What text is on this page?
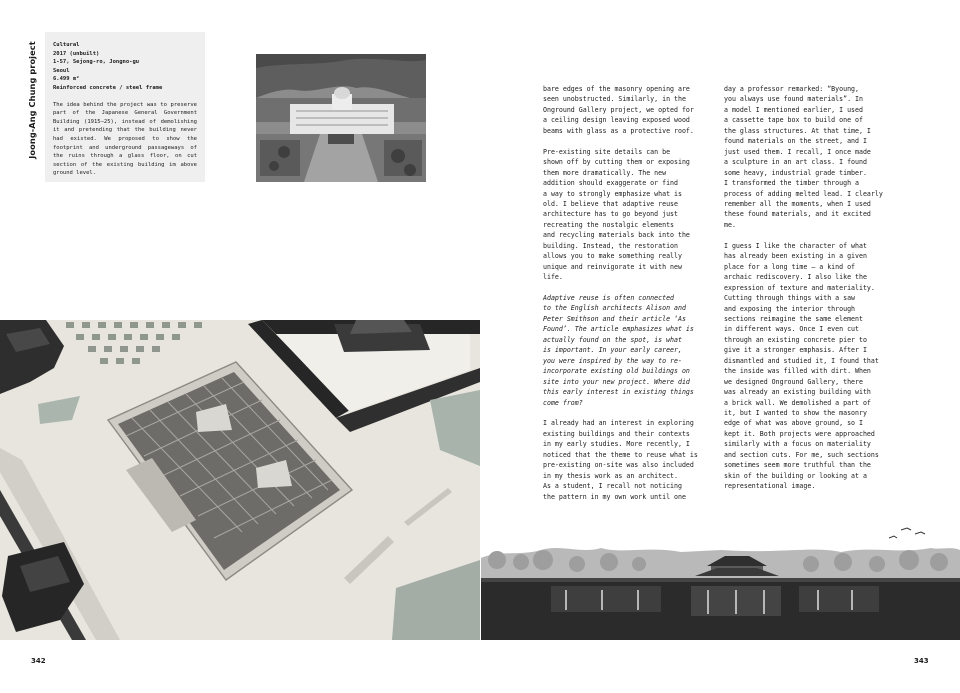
Joong-Ang Chung project	Cultural
2017 (unbuilt)
1-57, Sejong-ro, Jongno-gu
Seoul
6.499 m²
Reinforced concrete / steel frame
The idea behind the project was to preserve part of the Japanese General Government Building (1915–25), instead of demolishing it and pretending that the building never had existed. We proposed to show the footprint and underground passageways of the ruins through a glass floor, on cut section of the existing building im above ground level.

bare edges of the masonry opening are
seen unobstructed. Similarly, in the
Onground Gallery project, we opted for
a ceiling design leaving exposed wood
beams with glass as a protective roof.

Pre-existing site details can be
shown off by cutting them or exposing
them more dramatically. The new
addition should exaggerate or find
a way to strongly emphasize what is
old. I believe that adaptive reuse
architecture has to go beyond just
recreating the nostalgic elements
and recycling materials back into the
building. Instead, the restoration
allows you to make something really
unique and reinvigorate it with new
life.

Adaptive reuse is often connected
to the English architects Alison and
Peter Smithson and their article ‘As
Found’. The article emphasizes what is
actually found on the spot, is what
is important. In your early career,
you were inspired by the way to re-
incorporate existing old buildings on
site into your new project. Where did
this early interest in existing things
come from?

I already had an interest in exploring
existing buildings and their contexts
in my early studies. More recently, I
noticed that the theme to reuse what is
pre-existing on-site was also included
in my thesis work as an architect.
As a student, I recall not noticing
the pattern in my own work until one

day a professor remarked: “Byoung,
you always use found materials”. In
a model I mentioned earlier, I used
a cassette tape box to build one of
the glass structures. At that time, I
found materials on the street, and I
just used them. I recall, I once made
a sculpture in an art class. I found
some heavy, industrial grade timber.
I transformed the timber through a
process of adding melted lead. I clearly
remember all the moments, when I used
these found materials, and it excited
me.

I guess I like the character of what
has already been existing in a given
place for a long time — a kind of
archaic rediscovery. I also like the
expression of texture and materiality.
Cutting through things with a saw
and exposing the interior through
sections reimagine the same element
in different ways. Once I even cut
through an existing concrete pier to
give it a stronger emphasis. After I
dismantled and studied it, I found that
the inside was filled with dirt. When
we designed Onground Gallery, there
was already an existing building with
a brick wall. We demolished a part of
it, but I wanted to show the masonry
edge of what was above ground, so I
kept it. Both projects were approached
similarly with a focus on materiality
and section cuts. For me, such sections
sometimes seem more truthful than the
skin of the building or looking at a
representational image.

342	343
